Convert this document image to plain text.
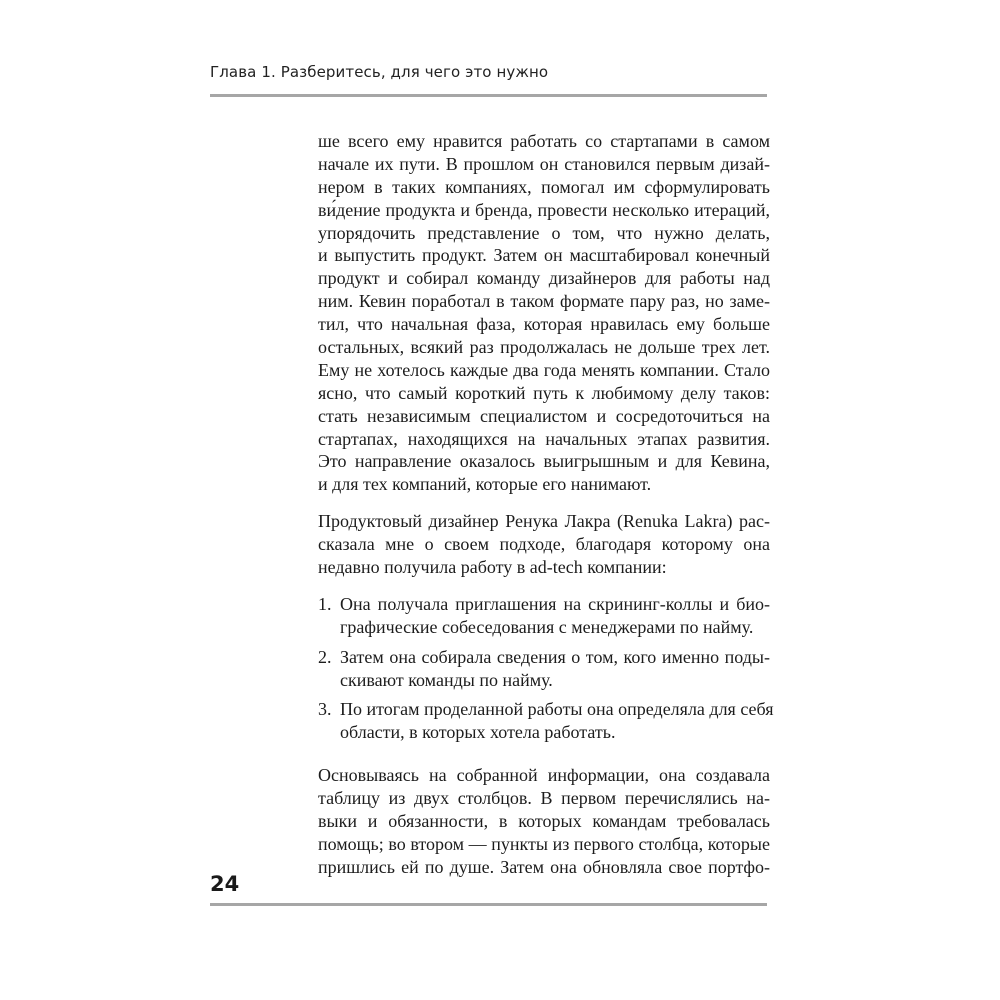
Глава 1. Разберитесь, для чего это нужно
ше всего ему нравится работать со стартапами в самом
начале их пути. В прошлом он становился первым дизай-
нером в таких компаниях, помогал им сформулировать
ви́дение продукта и бренда, провести несколько итераций,
упорядочить представление о том, что нужно делать,
и выпустить продукт. Затем он масштабировал конечный
продукт и собирал команду дизайнеров для работы над
ним. Кевин поработал в таком формате пару раз, но заме-
тил, что начальная фаза, которая нравилась ему больше
остальных, всякий раз продолжалась не дольше трех лет.
Ему не хотелось каждые два года менять компании. Стало
ясно, что самый короткий путь к любимому делу таков:
стать независимым специалистом и сосредоточиться на
стартапах, находящихся на начальных этапах развития.
Это направление оказалось выигрышным и для Кевина,
и для тех компаний, которые его нанимают.
Продуктовый дизайнер Ренука Лакра (Renuka Lakra) рас-
сказала мне о своем подходе, благодаря которому она
недавно получила работу в ad-tech компании:
1. Она получала приглашения на скрининг-коллы и био-
графические собеседования с менеджерами по найму.
2. Затем она собирала сведения о том, кого именно поды-
скивают команды по найму.
3. По итогам проделанной работы она определяла для себя
области, в которых хотела работать.
Основываясь на собранной информации, она создавала
таблицу из двух столбцов. В первом перечислялись на-
выки и обязанности, в которых командам требовалась
помощь; во втором — пункты из первого столбца, которые
пришлись ей по душе. Затем она обновляла свое портфо-
24
